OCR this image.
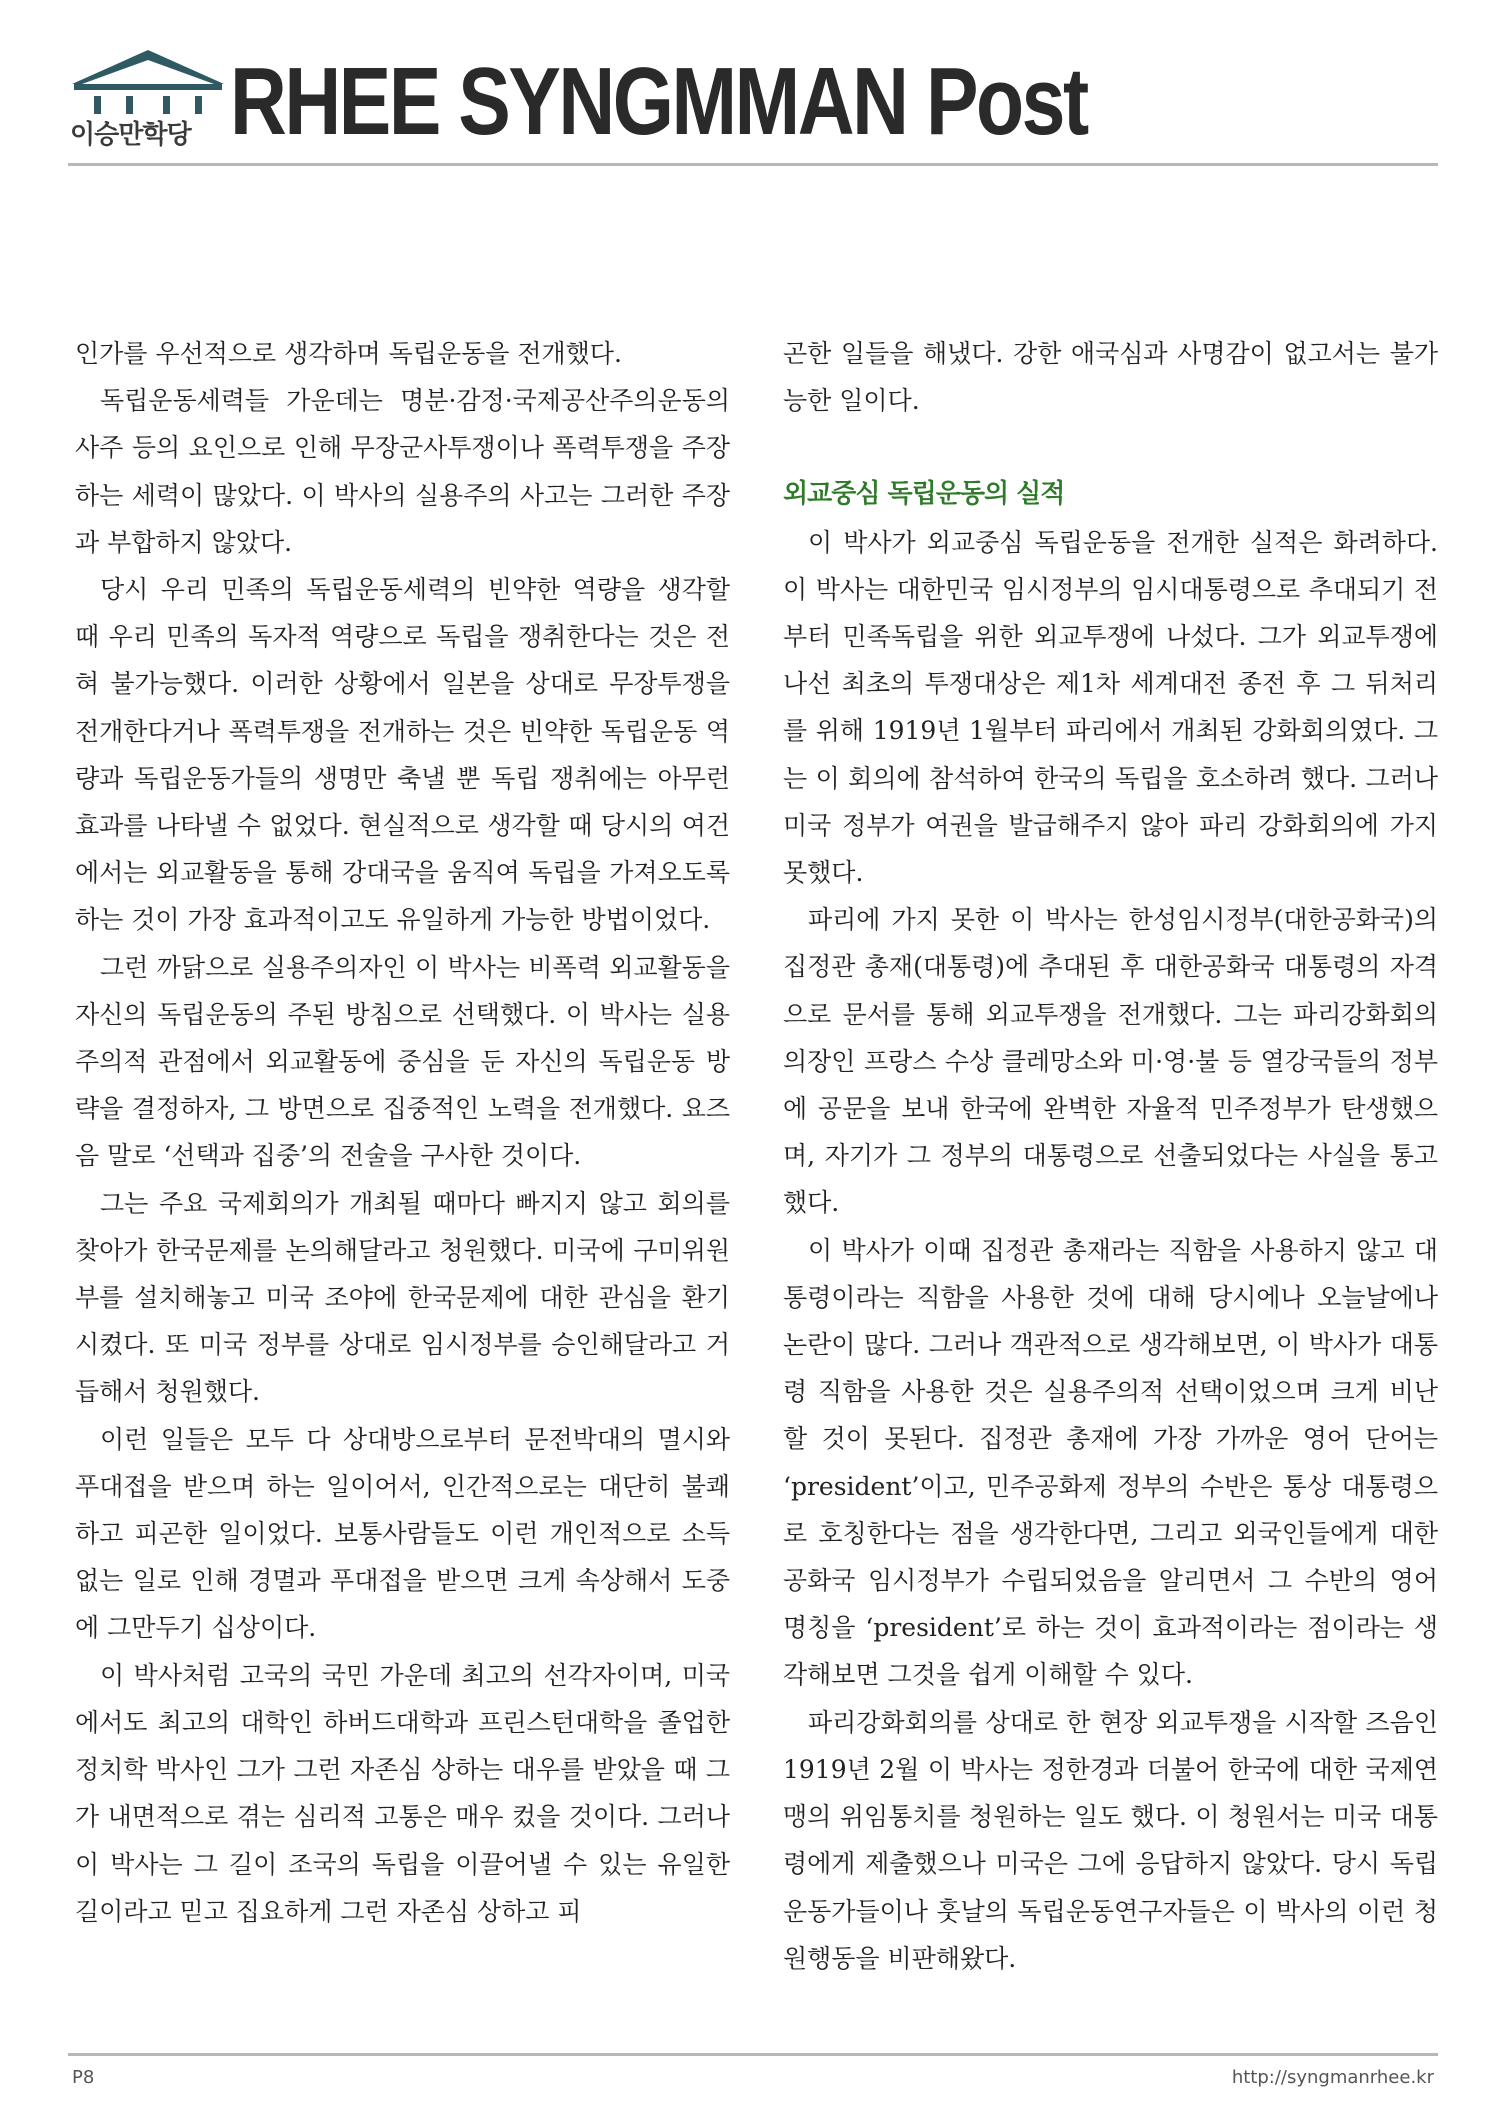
이승만학당 RHEE SYNGMMAN Post

인가를 우선적으로 생각하며 독립운동을 전개했다.

독립운동세력들 가운데는 명분·감정·국제공산주의운동의 사주 등의 요인으로 인해 무장군사투쟁이나 폭력투쟁을 주장하는 세력이 많았다. 이 박사의 실용주의 사고는 그러한 주장과 부합하지 않았다.

당시 우리 민족의 독립운동세력의 빈약한 역량을 생각할 때 우리 민족의 독자적 역량으로 독립을 쟁취한다는 것은 전혀 불가능했다. 이러한 상황에서 일본을 상대로 무장투쟁을 전개한다거나 폭력투쟁을 전개하는 것은 빈약한 독립운동 역량과 독립운동가들의 생명만 축낼 뿐 독립 쟁취에는 아무런 효과를 나타낼 수 없었다. 현실적으로 생각할 때 당시의 여건에서는 외교활동을 통해 강대국을 움직여 독립을 가져오도록 하는 것이 가장 효과적이고도 유일하게 가능한 방법이었다.

그런 까닭으로 실용주의자인 이 박사는 비폭력 외교활동을 자신의 독립운동의 주된 방침으로 선택했다. 이 박사는 실용주의적 관점에서 외교활동에 중심을 둔 자신의 독립운동 방략을 결정하자, 그 방면으로 집중적인 노력을 전개했다. 요즈음 말로 ‘선택과 집중’의 전술을 구사한 것이다.

그는 주요 국제회의가 개최될 때마다 빠지지 않고 회의를 찾아가 한국문제를 논의해달라고 청원했다. 미국에 구미위원부를 설치해놓고 미국 조야에 한국문제에 대한 관심을 환기시켰다. 또 미국 정부를 상대로 임시정부를 승인해달라고 거듭해서 청원했다.

이런 일들은 모두 다 상대방으로부터 문전박대의 멸시와 푸대접을 받으며 하는 일이어서, 인간적으로는 대단히 불쾌하고 피곤한 일이었다. 보통사람들도 이런 개인적으로 소득 없는 일로 인해 경멸과 푸대접을 받으면 크게 속상해서 도중에 그만두기 십상이다.

이 박사처럼 고국의 국민 가운데 최고의 선각자이며, 미국에서도 최고의 대학인 하버드대학과 프린스턴대학을 졸업한 정치학 박사인 그가 그런 자존심 상하는 대우를 받았을 때 그가 내면적으로 겪는 심리적 고통은 매우 컸을 것이다. 그러나 이 박사는 그 길이 조국의 독립을 이끌어낼 수 있는 유일한 길이라고 믿고 집요하게 그런 자존심 상하고 피

곤한 일들을 해냈다. 강한 애국심과 사명감이 없고서는 불가능한 일이다.

외교중심 독립운동의 실적

이 박사가 외교중심 독립운동을 전개한 실적은 화려하다. 이 박사는 대한민국 임시정부의 임시대통령으로 추대되기 전부터 민족독립을 위한 외교투쟁에 나섰다. 그가 외교투쟁에 나선 최초의 투쟁대상은 제1차 세계대전 종전 후 그 뒤처리를 위해 1919년 1월부터 파리에서 개최된 강화회의였다. 그는 이 회의에 참석하여 한국의 독립을 호소하려 했다. 그러나 미국 정부가 여권을 발급해주지 않아 파리 강화회의에 가지 못했다.

파리에 가지 못한 이 박사는 한성임시정부(대한공화국)의 집정관 총재(대통령)에 추대된 후 대한공화국 대통령의 자격으로 문서를 통해 외교투쟁을 전개했다. 그는 파리강화회의 의장인 프랑스 수상 클레망소와 미·영·불 등 열강국들의 정부에 공문을 보내 한국에 완벽한 자율적 민주정부가 탄생했으며, 자기가 그 정부의 대통령으로 선출되었다는 사실을 통고했다.

이 박사가 이때 집정관 총재라는 직함을 사용하지 않고 대통령이라는 직함을 사용한 것에 대해 당시에나 오늘날에나 논란이 많다. 그러나 객관적으로 생각해보면, 이 박사가 대통령 직함을 사용한 것은 실용주의적 선택이었으며 크게 비난할 것이 못된다. 집정관 총재에 가장 가까운 영어 단어는 ‘president’이고, 민주공화제 정부의 수반은 통상 대통령으로 호칭한다는 점을 생각한다면, 그리고 외국인들에게 대한공화국 임시정부가 수립되었음을 알리면서 그 수반의 영어 명칭을 ‘president’로 하는 것이 효과적이라는 점이라는 생각해보면 그것을 쉽게 이해할 수 있다.

파리강화회의를 상대로 한 현장 외교투쟁을 시작할 즈음인 1919년 2월 이 박사는 정한경과 더불어 한국에 대한 국제연맹의 위임통치를 청원하는 일도 했다. 이 청원서는 미국 대통령에게 제출했으나 미국은 그에 응답하지 않았다. 당시 독립운동가들이나 훗날의 독립운동연구자들은 이 박사의 이런 청원행동을 비판해왔다.

P8	http://syngmanrhee.kr
